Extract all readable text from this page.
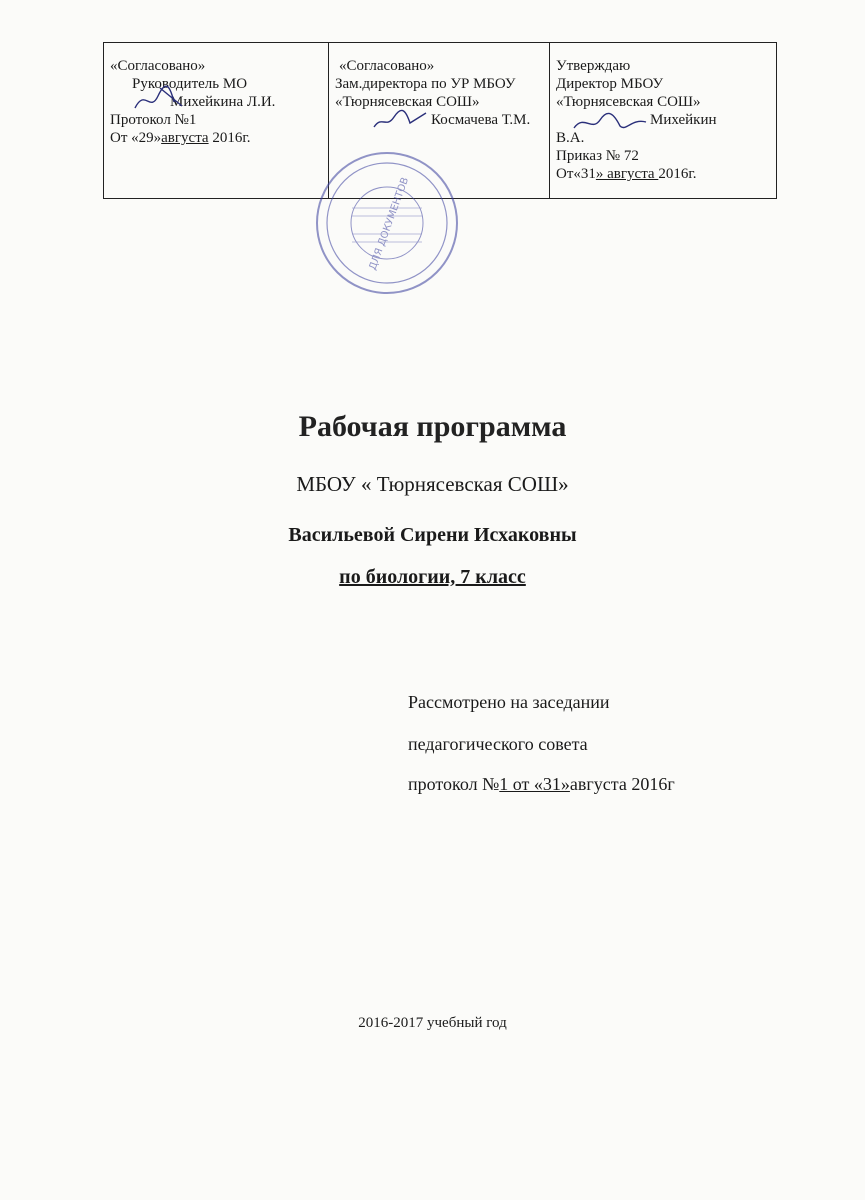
«Согласовано»
Руководитель МО
Михейкина Л.И.
Протокол №1
От «29»августа 2016г.

«Согласовано»
Зам.директора по УР МБОУ
«Тюрнясевская СОШ»
Космачева Т.М.

Утверждаю
Директор МБОУ
«Тюрнясевская СОШ»
Михейкин
В.А.
Приказ № 72
От«31» августа 2016г.
ДЛЯ ДОКУМЕНТОВ
Рабочая программа
МБОУ « Тюрнясевская СОШ»
Васильевой Сирени Исхаковны
по биологии, 7 класс
Рассмотрено на заседании
педагогического совета
протокол №1 от «31»августа 2016г
2016-2017 учебный год
